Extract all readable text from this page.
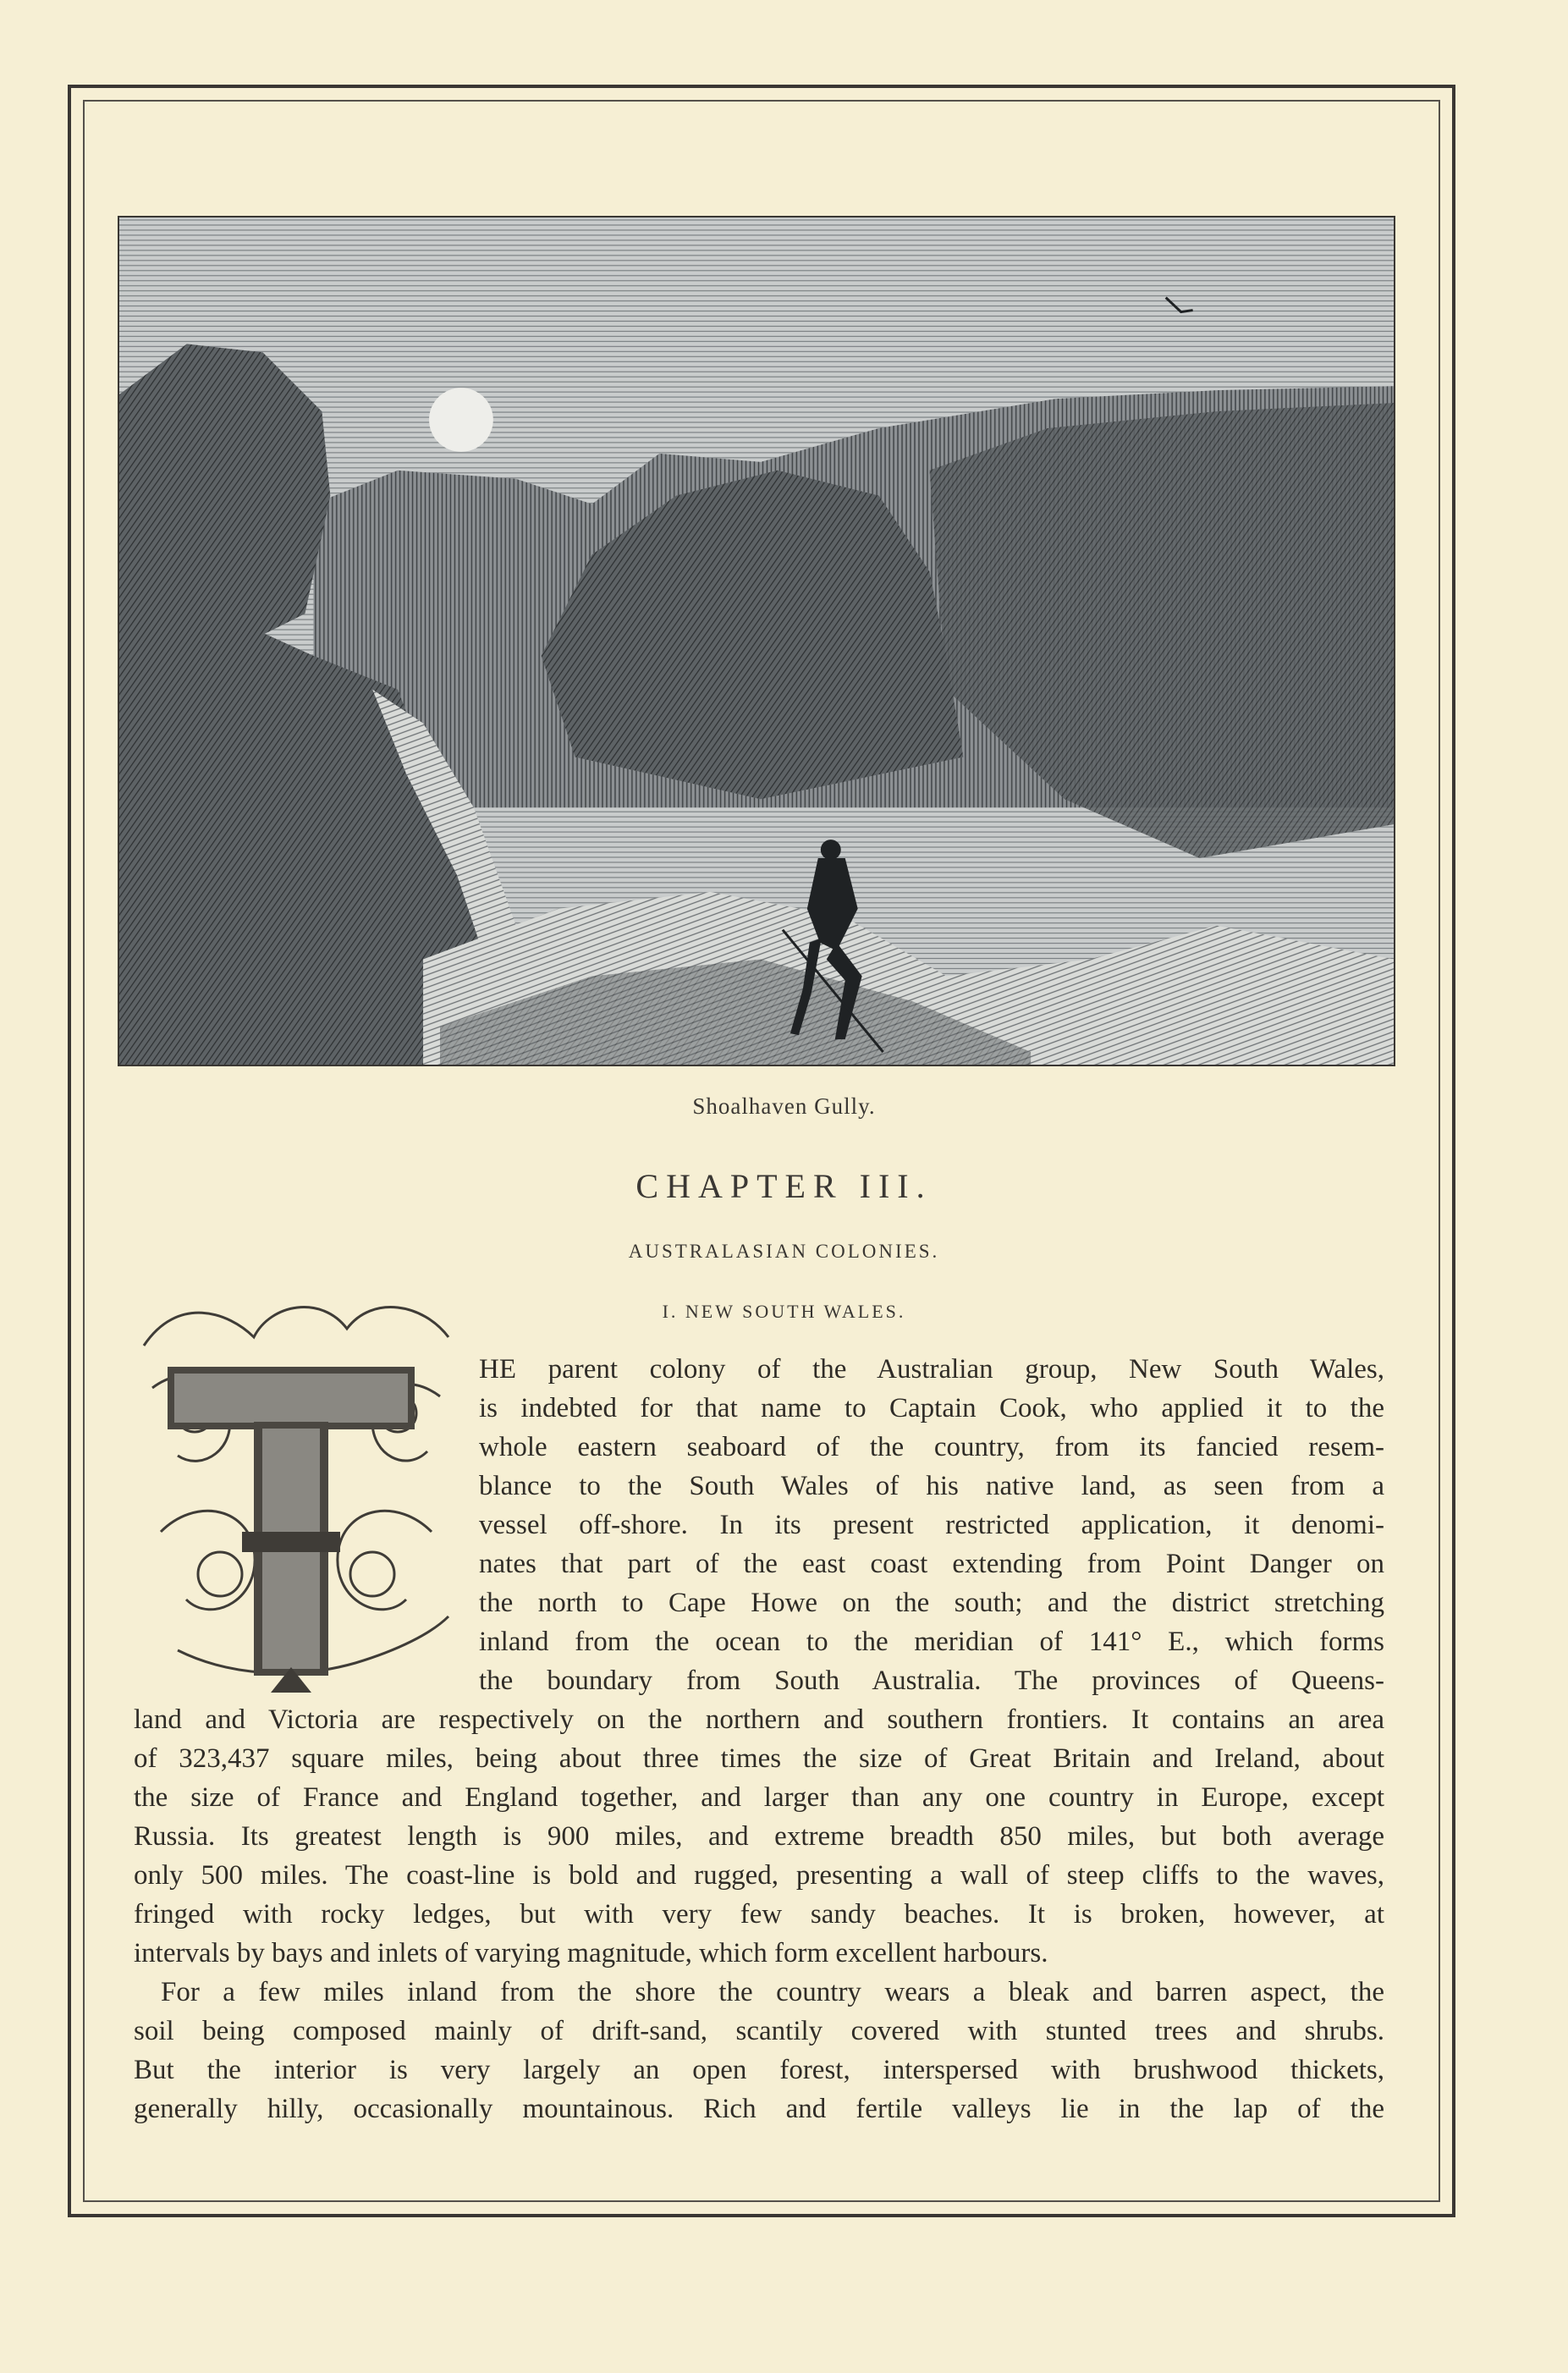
Shoalhaven Gully.
CHAPTER III.
AUSTRALASIAN COLONIES.
I. NEW SOUTH WALES.
HE parent colony of the Australian group, New South Wales,
is indebted for that name to Captain Cook, who applied it to the
whole eastern seaboard of the country, from its fancied resem-
blance to the South Wales of his native land, as seen from a
vessel off-shore. In its present restricted application, it denomi-
nates that part of the east coast extending from Point Danger on
the north to Cape Howe on the south; and the district stretching
inland from the ocean to the meridian of 141° E., which forms
the boundary from South Australia. The provinces of Queens-
land and Victoria are respectively on the northern and southern frontiers. It contains an area
of 323,437 square miles, being about three times the size of Great Britain and Ireland, about
the size of France and England together, and larger than any one country in Europe, except
Russia. Its greatest length is 900 miles, and extreme breadth 850 miles, but both average
only 500 miles. The coast-line is bold and rugged, presenting a wall of steep cliffs to the waves,
fringed with rocky ledges, but with very few sandy beaches. It is broken, however, at
intervals by bays and inlets of varying magnitude, which form excellent harbours.
For a few miles inland from the shore the country wears a bleak and barren aspect, the
soil being composed mainly of drift-sand, scantily covered with stunted trees and shrubs.
But the interior is very largely an open forest, interspersed with brushwood thickets,
generally hilly, occasionally mountainous. Rich and fertile valleys lie in the lap of the
